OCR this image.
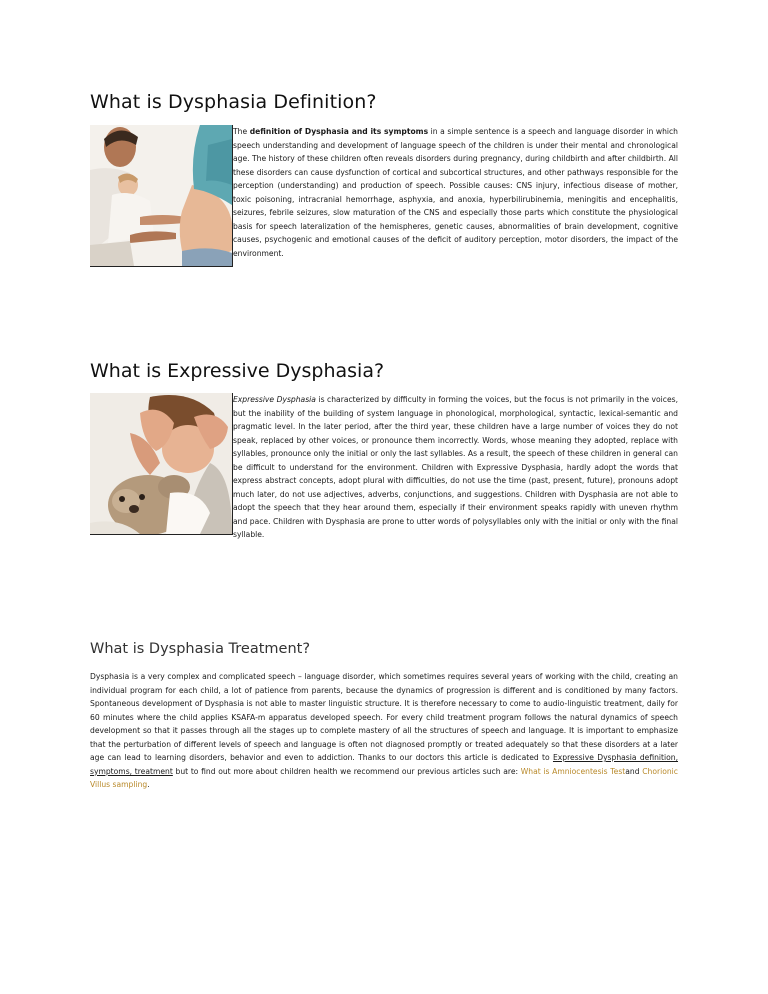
What is Dysphasia Definition?
The definition of Dysphasia and its symptoms in a simple sentence is a speech and language disorder in which speech understanding and development of language speech of the children is under their mental and chronological age. The history of these children often reveals disorders during pregnancy, during childbirth and after childbirth. All these disorders can cause dysfunction of cortical and subcortical structures, and other pathways responsible for the perception (understanding) and production of speech. Possible causes: CNS injury, infectious disease of mother, toxic poisoning, intracranial hemorrhage, asphyxia, and anoxia, hyperbilirubinemia, meningitis and encephalitis, seizures, febrile seizures, slow maturation of the CNS and especially those parts which constitute the physiological basis for speech lateralization of the hemispheres, genetic causes, abnormalities of brain development, cognitive causes, psychogenic and emotional causes of the deficit of auditory perception, motor disorders, the impact of the environment.
What is Expressive Dysphasia?
Expressive Dysphasia is characterized by difficulty in forming the voices, but the focus is not primarily in the voices, but the inability of the building of system language in phonological, morphological, syntactic, lexical-semantic and pragmatic level. In the later period, after the third year, these children have a large number of voices they do not speak, replaced by other voices, or pronounce them incorrectly. Words, whose meaning they adopted, replace with syllables, pronounce only the initial or only the last syllables. As a result, the speech of these children in general can be difficult to understand for the environment. Children with Expressive Dysphasia, hardly adopt the words that express abstract concepts, adopt plural with difficulties, do not use the time (past, present, future), pronouns adopt much later, do not use adjectives, adverbs, conjunctions, and suggestions. Children with Dysphasia are not able to adopt the speech that they hear around them, especially if their environment speaks rapidly with uneven rhythm and pace. Children with Dysphasia are prone to utter words of polysyllables only with the initial or only with the final syllable.
What is Dysphasia Treatment?
Dysphasia is a very complex and complicated speech – language disorder, which sometimes requires several years of working with the child, creating an individual program for each child, a lot of patience from parents, because the dynamics of progression is different and is conditioned by many factors. Spontaneous development of Dysphasia is not able to master linguistic structure. It is therefore necessary to come to audio-linguistic treatment, daily for 60 minutes where the child applies KSAFA-m apparatus developed speech. For every child treatment program follows the natural dynamics of speech development so that it passes through all the stages up to complete mastery of all the structures of speech and language. It is important to emphasize that the perturbation of different levels of speech and language is often not diagnosed promptly or treated adequately so that these disorders at a later age can lead to learning disorders, behavior and even to addiction. Thanks to our doctors this article is dedicated to Expressive Dysphasia definition, symptoms, treatment but to find out more about children health we recommend our previous articles such are: What is Amniocentesis Testand Chorionic Villus sampling.
